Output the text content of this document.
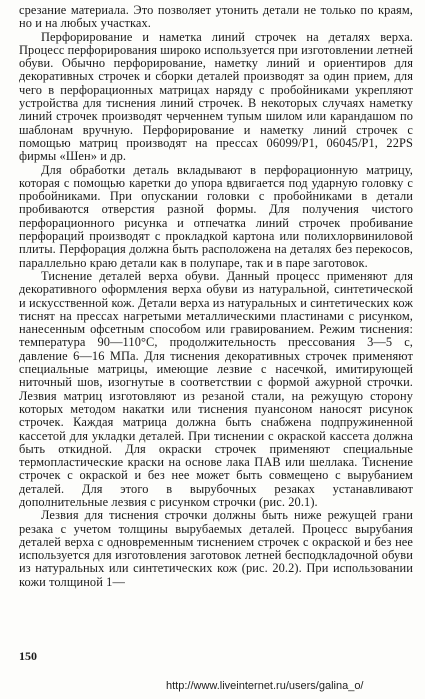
срезание материала. Это позволяет утонить детали не только по краям, но и на любых участках.

Перфорирование и наметка линий строчек на деталях верха. Процесс перфорирования широко используется при изготовлении летней обуви. Обычно перфорирование, наметку линий и ориентиров для декоративных строчек и сборки деталей производят за один прием, для чего в перфорационных матрицах наряду с пробойниками укрепляют устройства для тиснения линий строчек. В некоторых случаях наметку линий строчек производят черченнем тупым шилом или карандашом по шаблонам вручную. Перфорирование и наметку линий строчек с помощью матриц производят на прессах 06099/P1, 06045/P1, 22PS фирмы «Шен» и др.

Для обработки деталь вкладывают в перфорационную матрицу, которая с помощью каретки до упора вдвигается под ударную головку с пробойниками. При опускании головки с пробойниками в детали пробиваются отверстия разной формы. Для получения чистого перфорационного рисунка и отпечатка линий строчек пробивание перфораций производят с прокладкой картона или полихлорвиниловой плиты. Перфорация должна быть расположена на деталях без перекосов, параллельно краю детали как в полупаре, так и в паре заготовок.

Тиснение деталей верха обуви. Данный процесс применяют для декоративного оформления верха обуви из натуральной, синтетической и искусственной кож. Детали верха из натуральных и синтетических кож тиснят на прессах нагретыми металлическими пластинами с рисунком, нанесенным офсетным способом или гравированием. Режим тиснения: температура 90—110°C, продолжительность прессования 3—5 с, давление 6—16 МПа. Для тиснения декоративных строчек применяют специальные матрицы, имеющие лезвие с насечкой, имитирующей ниточный шов, изогнутые в соответствии с формой ажурной строчки. Лезвия матриц изготовляют из резаной стали, на режущую сторону которых методом накатки или тиснения пуансоном наносят рисунок строчек. Каждая матрица должна быть снабжена подпружиненной кассетой для укладки деталей. При тиснении с окраской кассета должна быть откидной. Для окраски строчек применяют специальные термопластические краски на основе лака ПАВ или шеллака. Тиснение строчек с окраской и без нее может быть совмещено с вырубанием деталей. Для этого в вырубочных резаках устанавливают дополнительные лезвия с рисунком строчки (рис. 20.1).

Лезвия для тиснения строчки должны быть ниже режущей грани резака с учетом толщины вырубаемых деталей. Процесс вырубания деталей верха с одновременным тиснением строчек с окраской и без нее используется для изготовления заготовок летней бесподкладочной обуви из натуральных или синтетических кож (рис. 20.2). При использовании кожи толщиной 1—

150
http://www.liveinternet.ru/users/galina_o/
